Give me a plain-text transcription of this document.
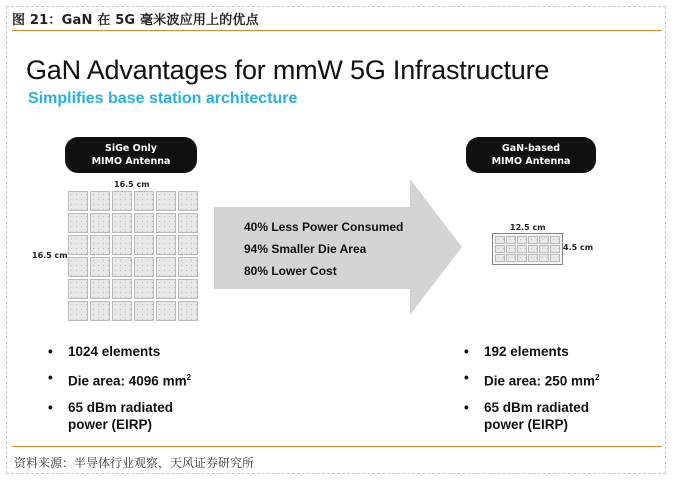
图 21：GaN 在 5G 毫米波应用上的优点
GaN Advantages for mmW 5G Infrastructure
Simplifies base station architecture
SiGe Only
MIMO Antenna
16.5 cm
16.5 cm
40% Less Power Consumed
94% Smaller Die Area
80% Lower Cost
GaN-based
MIMO Antenna
12.5 cm
4.5 cm
• 1024 elements
• Die area: 4096 $mm^2$
• 65 dBm radiated
power (EIRP)
• 192 elements
• Die area: 250 $mm^2$
• 65 dBm radiated
power (EIRP)
资料来源：半导体行业观察，天风证券研究所
